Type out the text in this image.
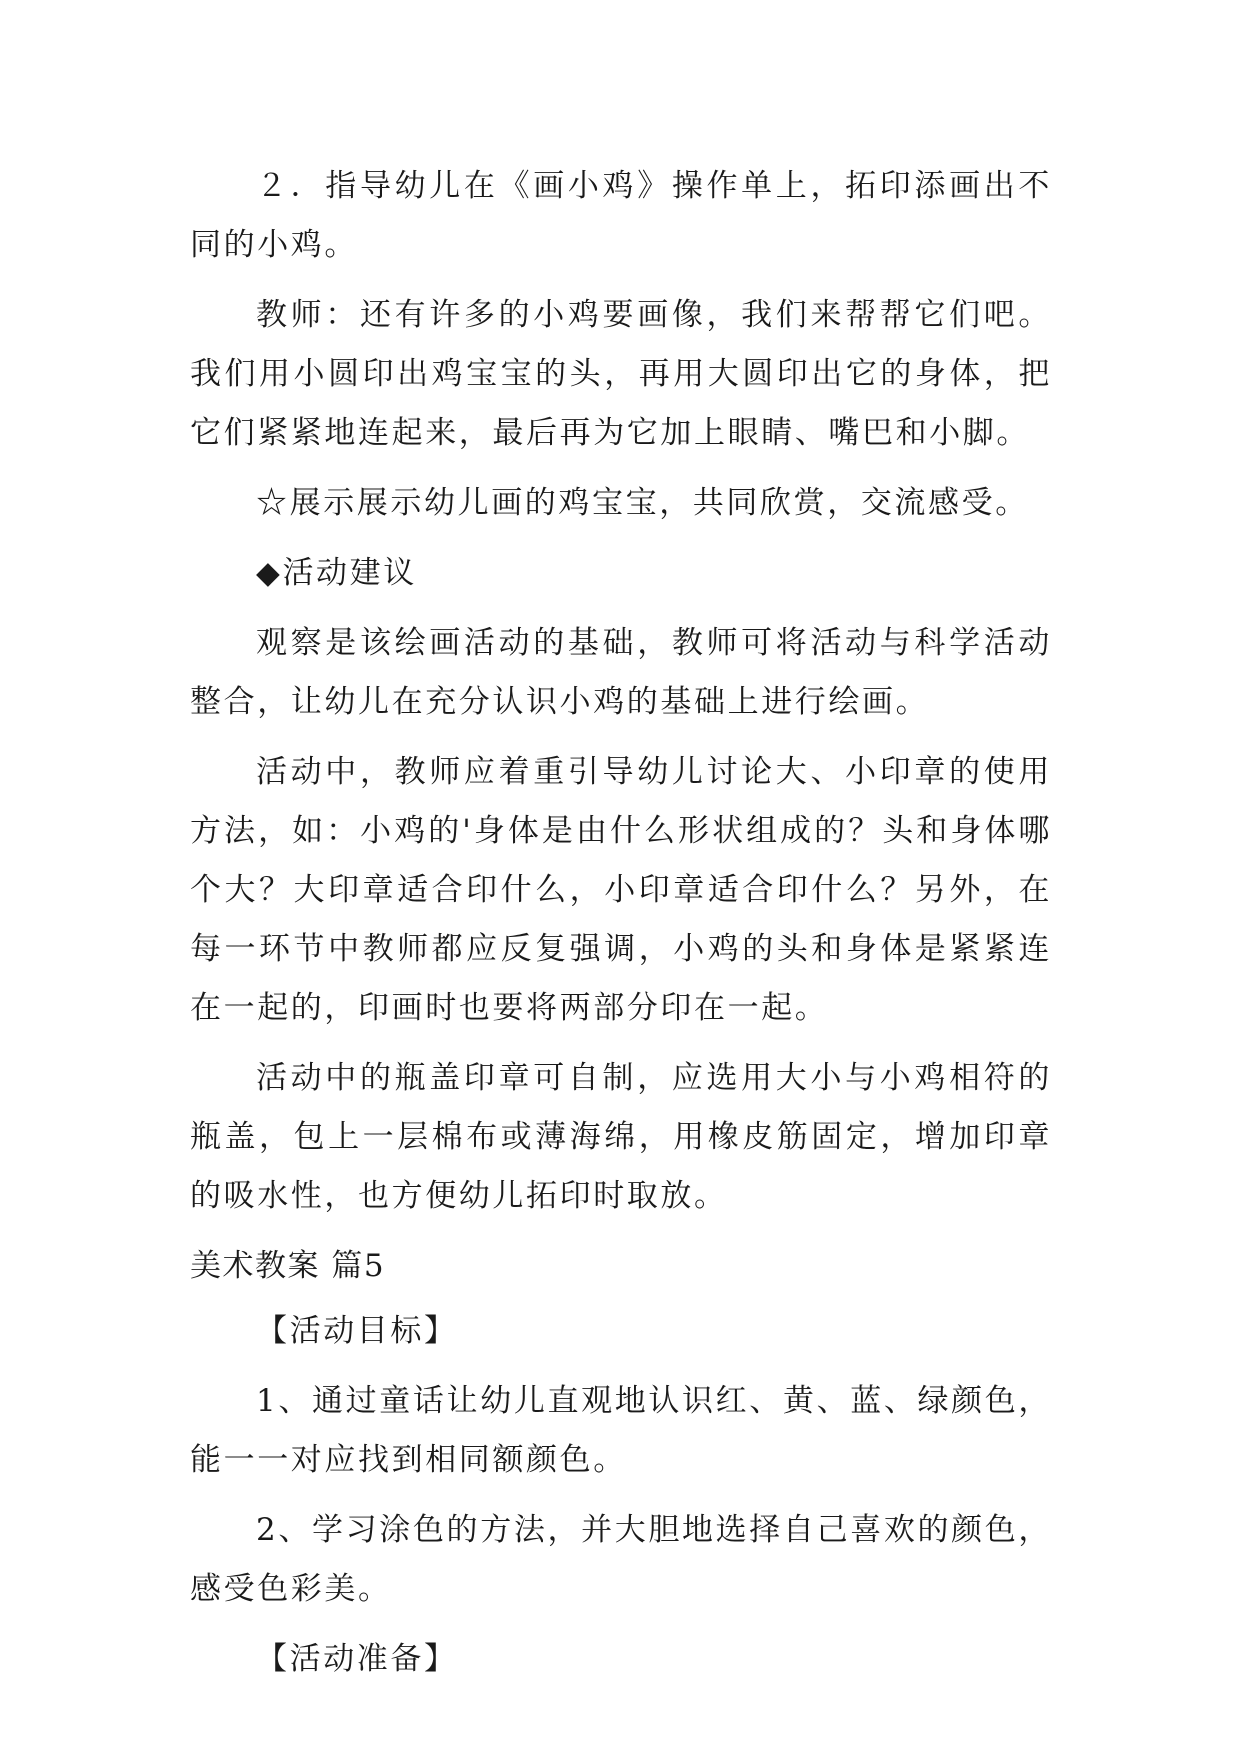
２．指导幼儿在《画小鸡》操作单上，拓印添画出不同的小鸡。

教师：还有许多的小鸡要画像，我们来帮帮它们吧。我们用小圆印出鸡宝宝的头，再用大圆印出它的身体，把它们紧紧地连起来，最后再为它加上眼睛、嘴巴和小脚。

☆展示展示幼儿画的鸡宝宝，共同欣赏，交流感受。

◆活动建议

观察是该绘画活动的基础，教师可将活动与科学活动整合，让幼儿在充分认识小鸡的基础上进行绘画。

活动中，教师应着重引导幼儿讨论大、小印章的使用方法，如：小鸡的'身体是由什么形状组成的？头和身体哪个大？大印章适合印什么，小印章适合印什么？另外，在每一环节中教师都应反复强调，小鸡的头和身体是紧紧连在一起的，印画时也要将两部分印在一起。

活动中的瓶盖印章可自制，应选用大小与小鸡相符的瓶盖，包上一层棉布或薄海绵，用橡皮筋固定，增加印章的吸水性，也方便幼儿拓印时取放。

美术教案 篇5

【活动目标】

1、通过童话让幼儿直观地认识红、黄、蓝、绿颜色，能一一对应找到相同额颜色。

2、学习涂色的方法，并大胆地选择自己喜欢的颜色，感受色彩美。

【活动准备】
